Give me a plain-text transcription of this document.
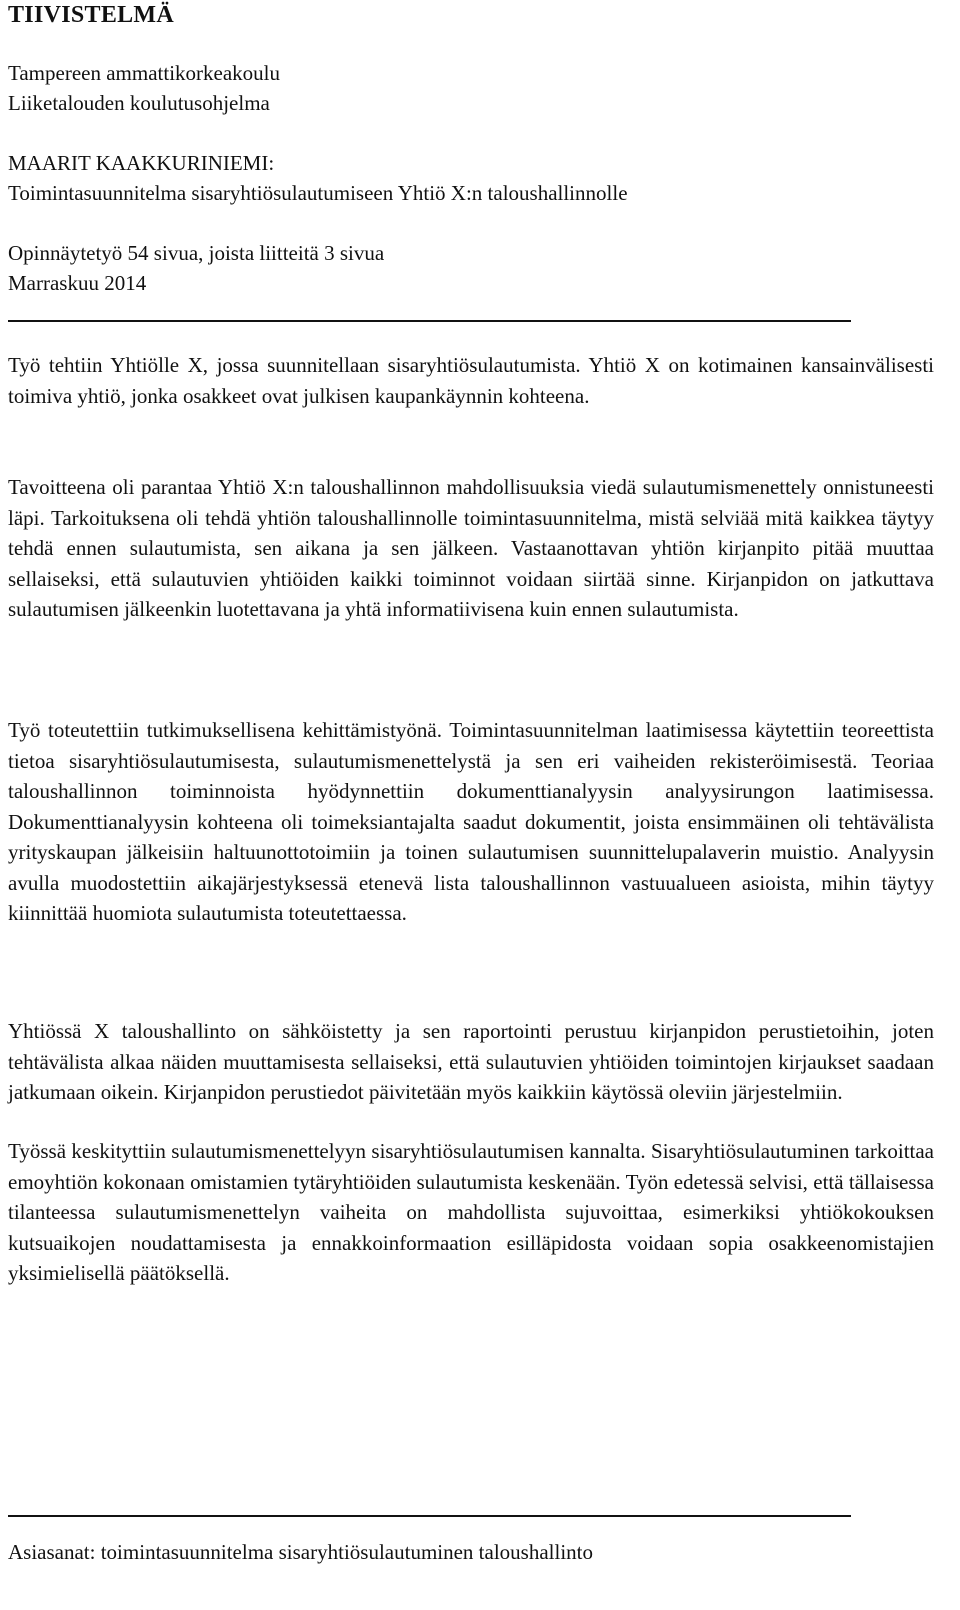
TIIVISTELMÄ
Tampereen ammattikorkeakoulu
Liiketalouden koulutusohjelma
MAARIT KAAKKURINIEMI:
Toimintasuunnitelma sisaryhtiösulautumiseen Yhtiö X:n taloushallinnolle
Opinnäytetyö 54 sivua, joista liitteitä 3 sivua
Marraskuu 2014
Työ tehtiin Yhtiölle X, jossa suunnitellaan sisaryhtiösulautumista. Yhtiö X on kotimainen kansainvälisesti toimiva yhtiö, jonka osakkeet ovat julkisen kaupankäynnin kohteena.
Tavoitteena oli parantaa Yhtiö X:n taloushallinnon mahdollisuuksia viedä sulautumismenettely onnistuneesti läpi. Tarkoituksena oli tehdä yhtiön taloushallinnolle toimintasuunnitelma, mistä selviää mitä kaikkea täytyy tehdä ennen sulautumista, sen aikana ja sen jälkeen. Vastaanottavan yhtiön kirjanpito pitää muuttaa sellaiseksi, että sulautuvien yhtiöiden kaikki toiminnot voidaan siirtää sinne. Kirjanpidon on jatkuttava sulautumisen jälkeenkin luotettavana ja yhtä informatiivisena kuin ennen sulautumista.
Työ toteutettiin tutkimuksellisena kehittämistyönä. Toimintasuunnitelman laatimisessa käytettiin teoreettista tietoa sisaryhtiösulautumisesta, sulautumismenettelystä ja sen eri vaiheiden rekisteröimisestä. Teoriaa taloushallinnon toiminnoista hyödynnettiin dokumenttianalyysin analyysirungon laatimisessa. Dokumenttianalyysin kohteena oli toimeksiantajalta saadut dokumentit, joista ensimmäinen oli tehtävälista yrityskaupan jälkeisiin haltuunottotoimiin ja toinen sulautumisen suunnittelupalaverin muistio. Analyysin avulla muodostettiin aikajärjestyksessä etenevä lista taloushallinnon vastuualueen asioista, mihin täytyy kiinnittää huomiota sulautumista toteutettaessa.
Yhtiössä X taloushallinto on sähköistetty ja sen raportointi perustuu kirjanpidon perustietoihin, joten tehtävälista alkaa näiden muuttamisesta sellaiseksi, että sulautuvien yhtiöiden toimintojen kirjaukset saadaan jatkumaan oikein. Kirjanpidon perustiedot päivitetään myös kaikkiin käytössä oleviin järjestelmiin.
Työssä keskityttiin sulautumismenettelyyn sisaryhtiösulautumisen kannalta. Sisaryhtiösulautuminen tarkoittaa emoyhtiön kokonaan omistamien tytäryhtiöiden sulautumista keskenään. Työn edetessä selvisi, että tällaisessa tilanteessa sulautumismenettelyn vaiheita on mahdollista sujuvoittaa, esimerkiksi yhtiökokouksen kutsuaikojen noudattamisesta ja ennakkoinformaation esilläpidosta voidaan sopia osakkeenomistajien yksimielisellä päätöksellä.
Asiasanat: toimintasuunnitelma sisaryhtiösulautuminen taloushallinto
